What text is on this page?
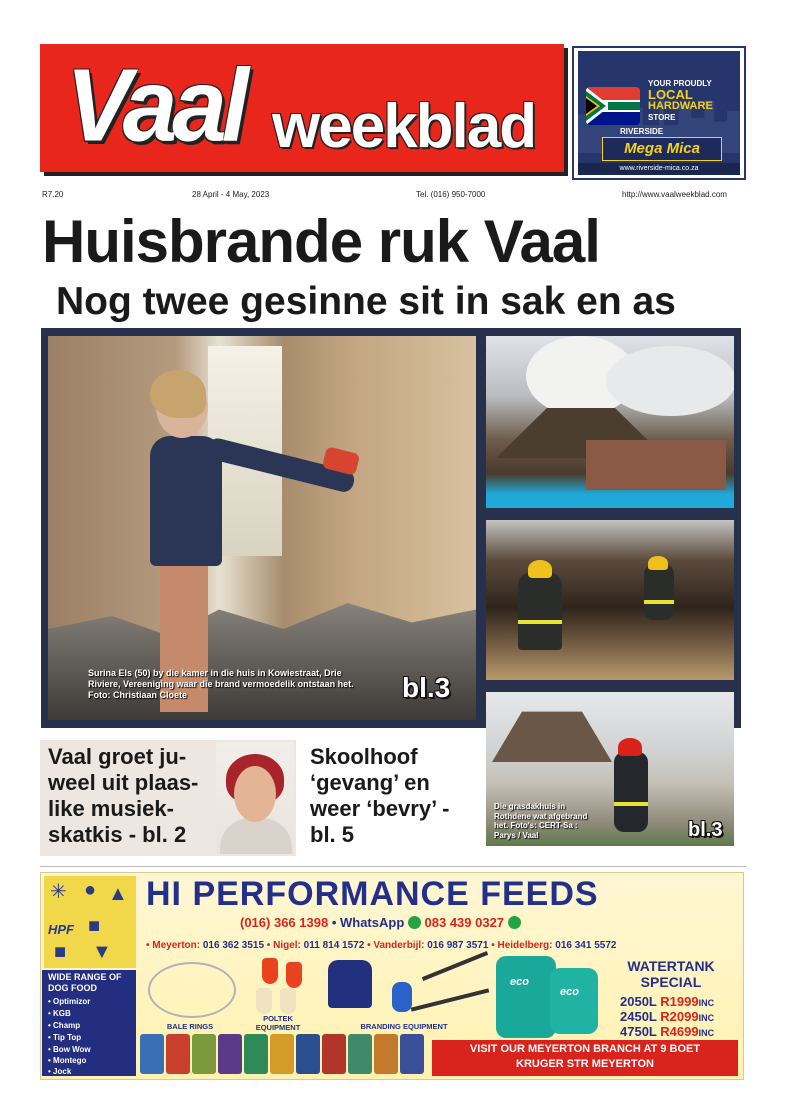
Vaal weekblad
YOUR PROUDLY
LOCAL
HARDWARE
STORE
RIVERSIDE
Mega Mica
www.riverside-mica.co.za
R7.20	28 April - 4 May, 2023	Tel. (016) 950-7000	http://www.vaalweekblad.com
Huisbrande ruk Vaal
Nog twee gesinne sit in sak en as
Surina Els (50) by die kamer in die huis in Kowiestraat, Drie Riviere, Vereeniging waar die brand vermoedelik ontstaan het. Foto: Christiaan Cloete	bl.3
Die grasdakhuis in Rothdene wat afgebrand het. Foto's: CERT-Sa : Parys / Vaal	bl.3
Vaal groet ju- weel uit plaas- like musiek- skatkis - bl. 2
Skoolhoof ‘gevang’ en weer ‘bevry’ - bl. 5
✳ ● ▲
HPF ■
■ ▼
HI PERFORMANCE FEEDS
(016) 366 1398 • WhatsApp 083 439 0327
• Meyerton: 016 362 3515 • Nigel: 011 814 1572 • Vanderbijl: 016 987 3571 • Heidelberg: 016 341 5572
WIDE RANGE OF DOG FOOD
• Optimizor
• KGB
• Champ
• Tip Top
• Bow Wow
• Montego
• Jock
BALE RINGS
POLTEK EQUIPMENT	BRANDING EQUIPMENT
eco
eco
WATERTANK SPECIAL
2050L R1999INC
2450L R2099INC
4750L R4699INC
VISIT OUR MEYERTON BRANCH AT 9 BOET
KRUGER STR MEYERTON
